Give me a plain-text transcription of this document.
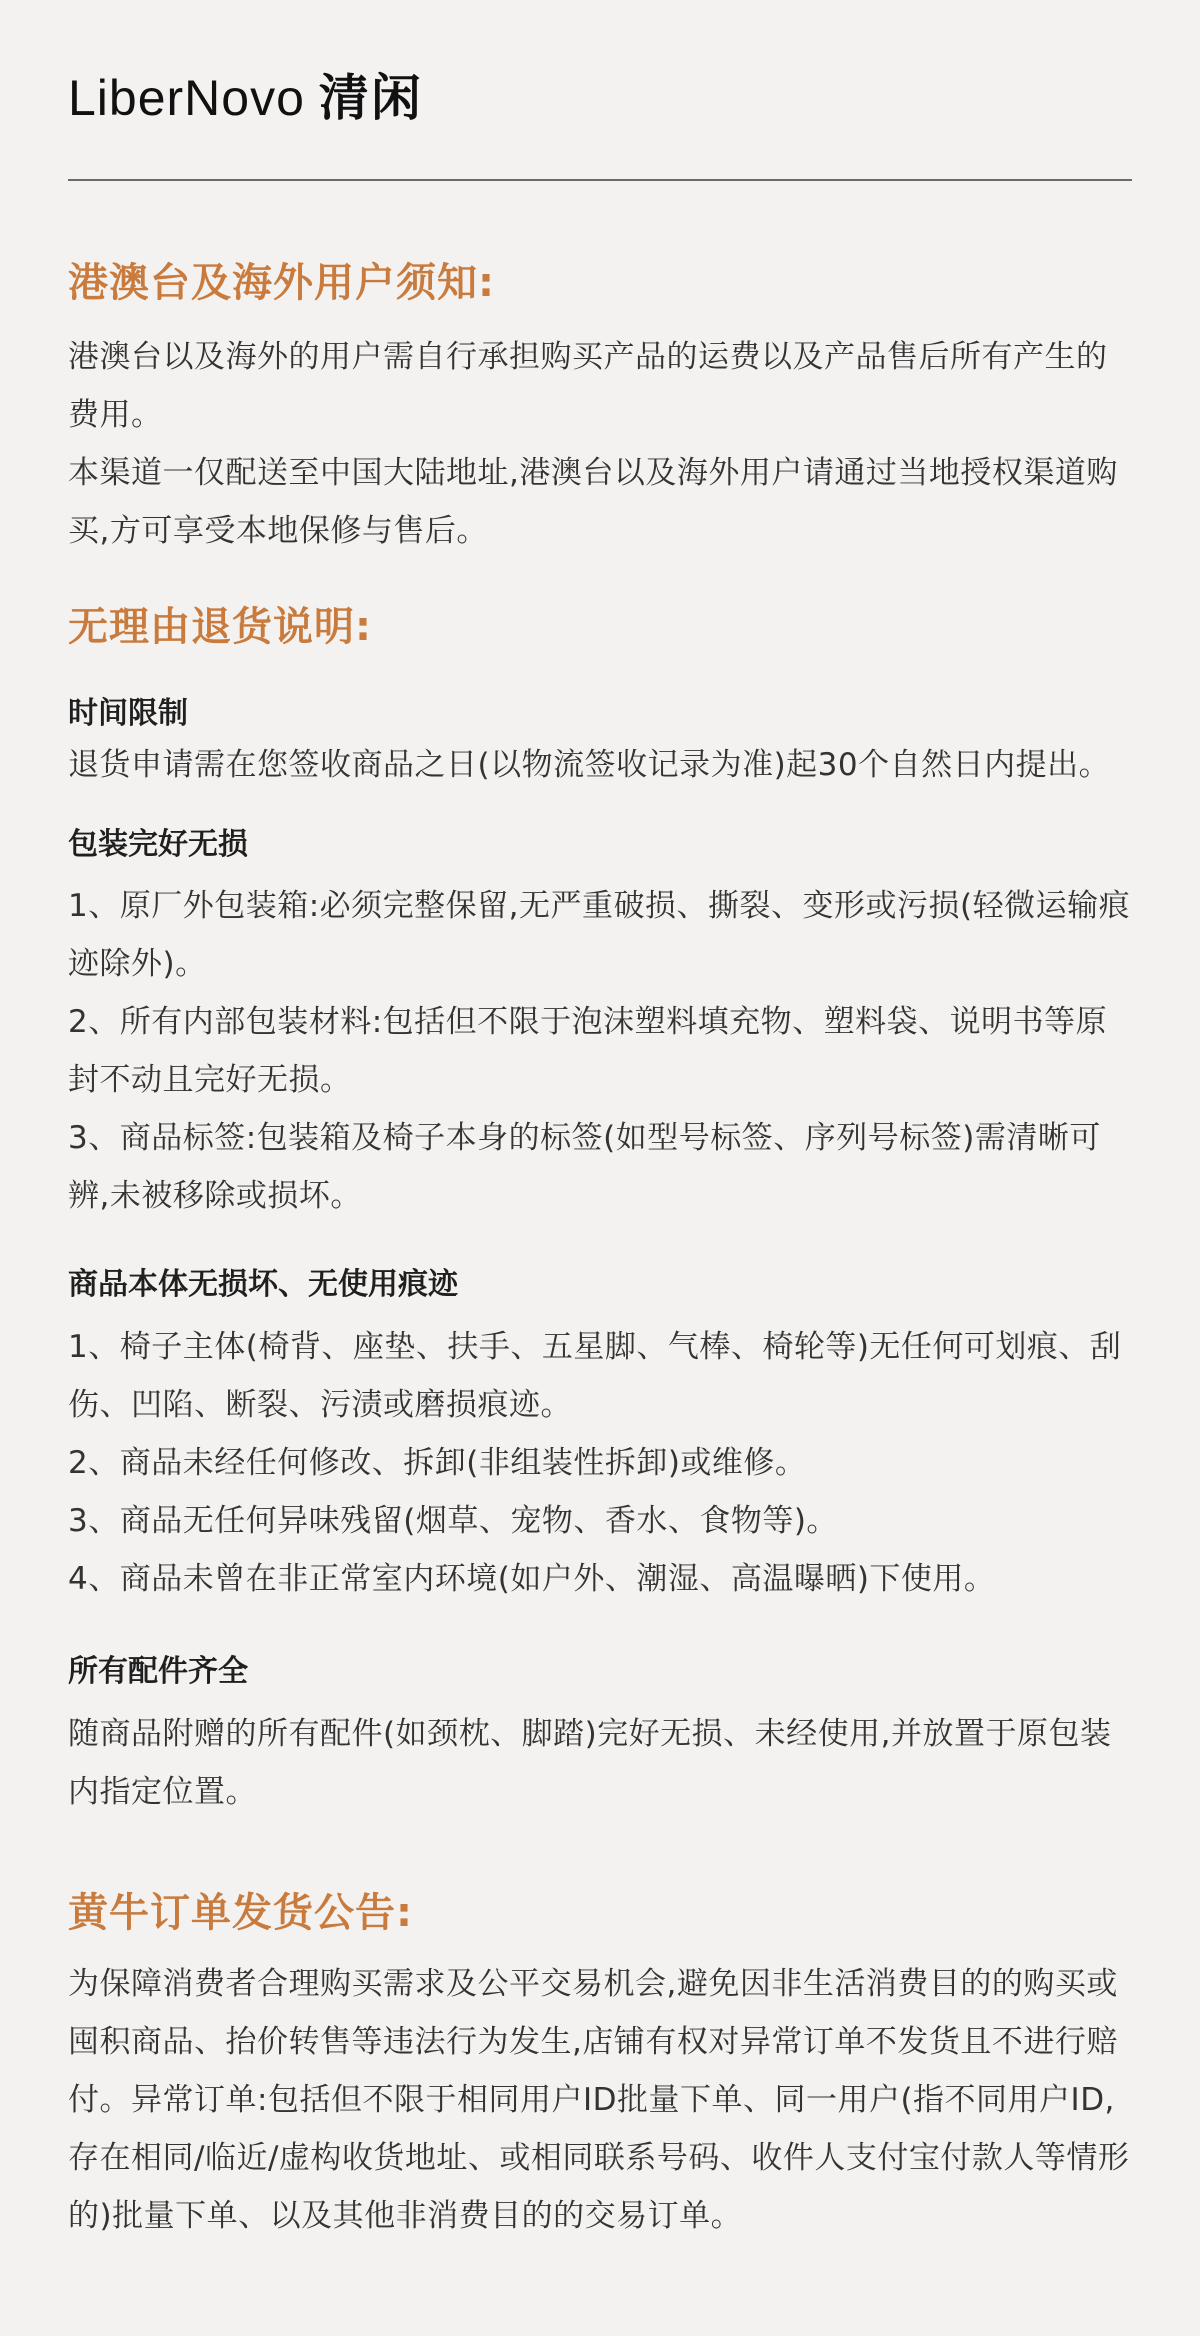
LiberNovo 清闲
港澳台及海外用户须知:

港澳台以及海外的用户需自行承担购买产品的运费以及产品售后所有产生的费用。

本渠道一仅配送至中国大陆地址,港澳台以及海外用户请通过当地授权渠道购买,方可享受本地保修与售后。

无理由退货说明:

时间限制

退货申请需在您签收商品之日(以物流签收记录为准)起30个自然日内提出。

包装完好无损

1、原厂外包装箱:必须完整保留,无严重破损、撕裂、变形或污损(轻微运输痕迹除外)。

2、所有内部包装材料:包括但不限于泡沫塑料填充物、塑料袋、说明书等原封不动且完好无损。

3、商品标签:包装箱及椅子本身的标签(如型号标签、序列号标签)需清晰可辨,未被移除或损坏。

商品本体无损坏、无使用痕迹

1、椅子主体(椅背、座垫、扶手、五星脚、气棒、椅轮等)无任何可划痕、刮伤、凹陷、断裂、污渍或磨损痕迹。

2、商品未经任何修改、拆卸(非组装性拆卸)或维修。

3、商品无任何异味残留(烟草、宠物、香水、食物等)。

4、商品未曾在非正常室内环境(如户外、潮湿、高温曝晒)下使用。

所有配件齐全

随商品附赠的所有配件(如颈枕、脚踏)完好无损、未经使用,并放置于原包装内指定位置。

黄牛订单发货公告:

为保障消费者合理购买需求及公平交易机会,避免因非生活消费目的的购买或囤积商品、抬价转售等违法行为发生,店铺有权对异常订单不发货且不进行赔付。异常订单:包括但不限于相同用户ID批量下单、同一用户(指不同用户ID,存在相同/临近/虚构收货地址、或相同联系号码、收件人支付宝付款人等情形的)批量下单、以及其他非消费目的的交易订单。
